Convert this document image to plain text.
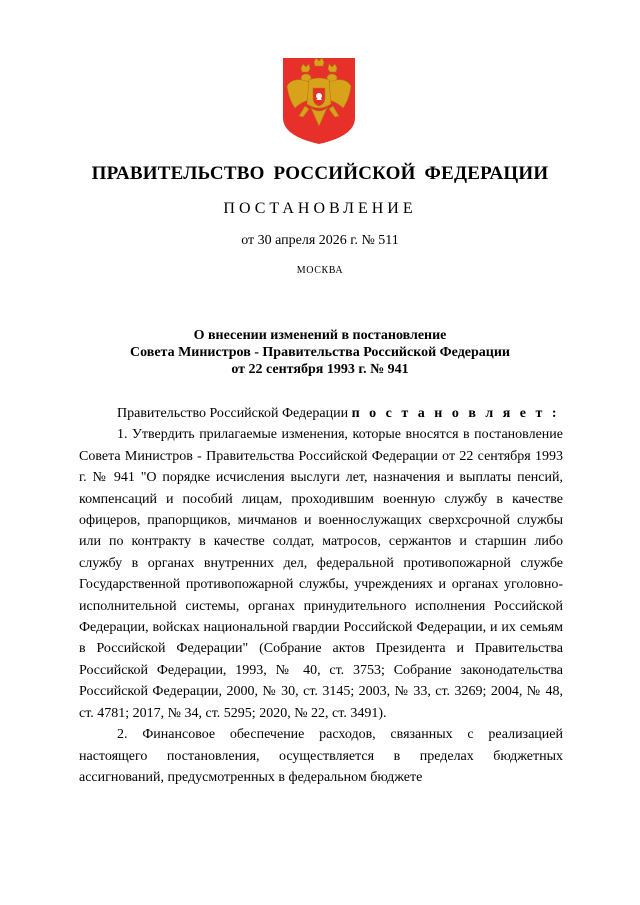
ПРАВИТЕЛЬСТВО РОССИЙСКОЙ ФЕДЕРАЦИИ
ПОСТАНОВЛЕНИЕ
от 30 апреля 2026 г. № 511
МОСКВА
О внесении изменений в постановление
Совета Министров - Правительства Российской Федерации
от 22 сентября 1993 г. № 941

Правительство Российской Федерации п о с т а н о в л я е т :

1. Утвердить прилагаемые изменения, которые вносятся в постановление Совета Министров - Правительства Российской Федерации от 22 сентября 1993 г. № 941 "О порядке исчисления выслуги лет, назначения и выплаты пенсий, компенсаций и пособий лицам, проходившим военную службу в качестве офицеров, прапорщиков, мичманов и военнослужащих сверхсрочной службы или по контракту в качестве солдат, матросов, сержантов и старшин либо службу в органах внутренних дел, федеральной противопожарной службе Государственной противопожарной службы, учреждениях и органах уголовно-исполнительной системы, органах принудительного исполнения Российской Федерации, войсках национальной гвардии Российской Федерации, и их семьям в Российской Федерации" (Собрание актов Президента и Правительства Российской Федерации, 1993, № 40, ст. 3753; Собрание законодательства Российской Федерации, 2000, № 30, ст. 3145; 2003, № 33, ст. 3269; 2004, № 48, ст. 4781; 2017, № 34, ст. 5295; 2020, № 22, ст. 3491).

2. Финансовое обеспечение расходов, связанных с реализацией настоящего постановления, осуществляется в пределах бюджетных ассигнований, предусмотренных в федеральном бюджете
